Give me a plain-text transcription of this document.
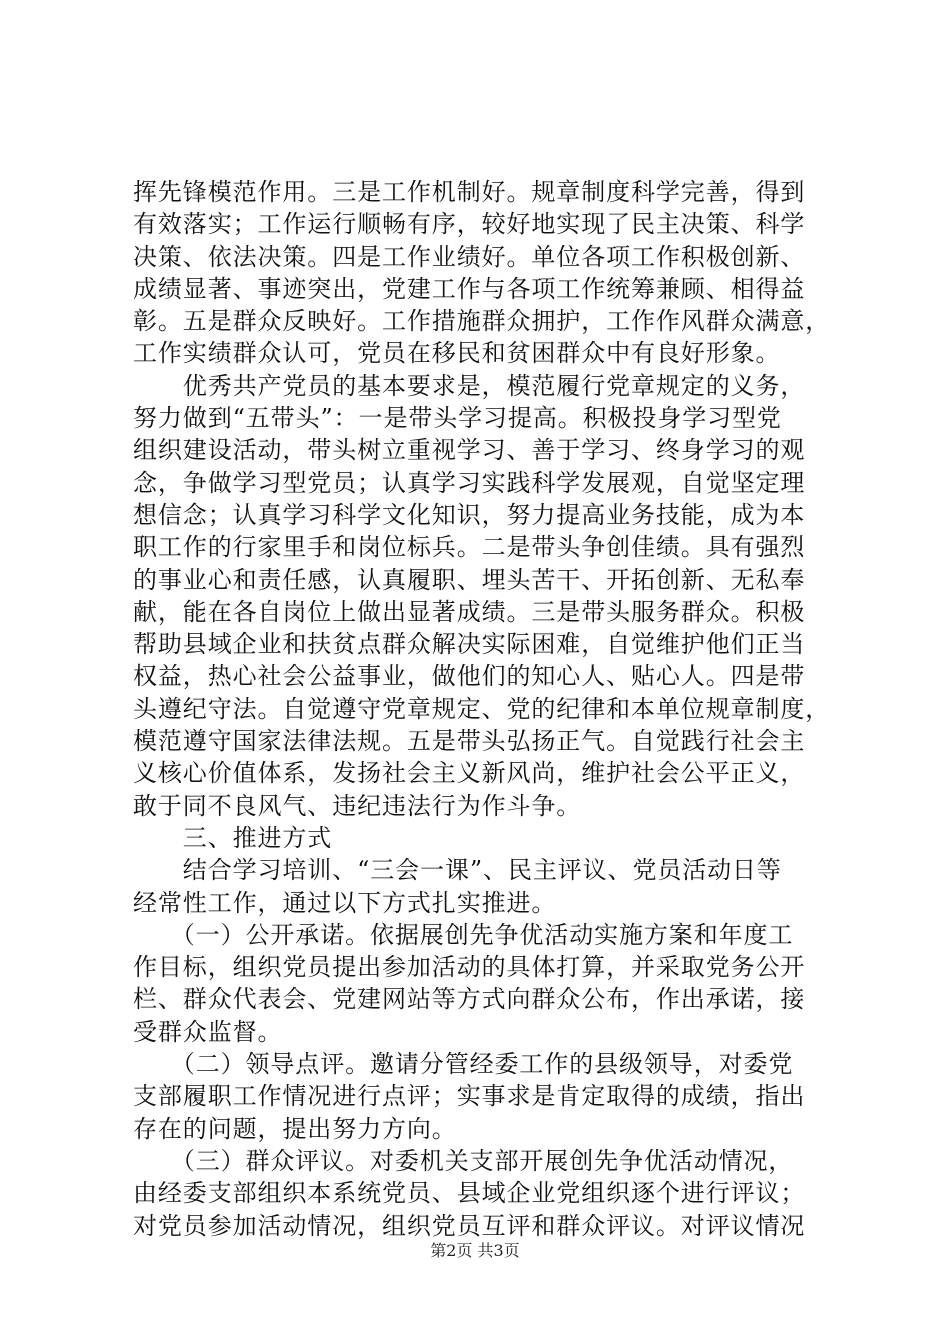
挥先锋模范作用。三是工作机制好。规章制度科学完善，得到
有效落实；工作运行顺畅有序，较好地实现了民主决策、科学
决策、依法决策。四是工作业绩好。单位各项工作积极创新、
成绩显著、事迹突出，党建工作与各项工作统筹兼顾、相得益
彰。五是群众反映好。工作措施群众拥护，工作作风群众满意，
工作实绩群众认可，党员在移民和贫困群众中有良好形象。
　　优秀共产党员的基本要求是，模范履行党章规定的义务，
努力做到“五带头”：一是带头学习提高。积极投身学习型党
组织建设活动，带头树立重视学习、善于学习、终身学习的观
念，争做学习型党员；认真学习实践科学发展观，自觉坚定理
想信念；认真学习科学文化知识，努力提高业务技能，成为本
职工作的行家里手和岗位标兵。二是带头争创佳绩。具有强烈
的事业心和责任感，认真履职、埋头苦干、开拓创新、无私奉
献，能在各自岗位上做出显著成绩。三是带头服务群众。积极
帮助县域企业和扶贫点群众解决实际困难，自觉维护他们正当
权益，热心社会公益事业，做他们的知心人、贴心人。四是带
头遵纪守法。自觉遵守党章规定、党的纪律和本单位规章制度，
模范遵守国家法律法规。五是带头弘扬正气。自觉践行社会主
义核心价值体系，发扬社会主义新风尚，维护社会公平正义，
敢于同不良风气、违纪违法行为作斗争。
　　三、推进方式
　　结合学习培训、“三会一课”、民主评议、党员活动日等
经常性工作，通过以下方式扎实推进。
　　（一）公开承诺。依据展创先争优活动实施方案和年度工
作目标，组织党员提出参加活动的具体打算，并采取党务公开
栏、群众代表会、党建网站等方式向群众公布，作出承诺，接
受群众监督。
　　（二）领导点评。邀请分管经委工作的县级领导，对委党
支部履职工作情况进行点评；实事求是肯定取得的成绩，指出
存在的问题，提出努力方向。
　　（三）群众评议。对委机关支部开展创先争优活动情况，
由经委支部组织本系统党员、县域企业党组织逐个进行评议；
对党员参加活动情况，组织党员互评和群众评议。对评议情况
第2页 共3页
